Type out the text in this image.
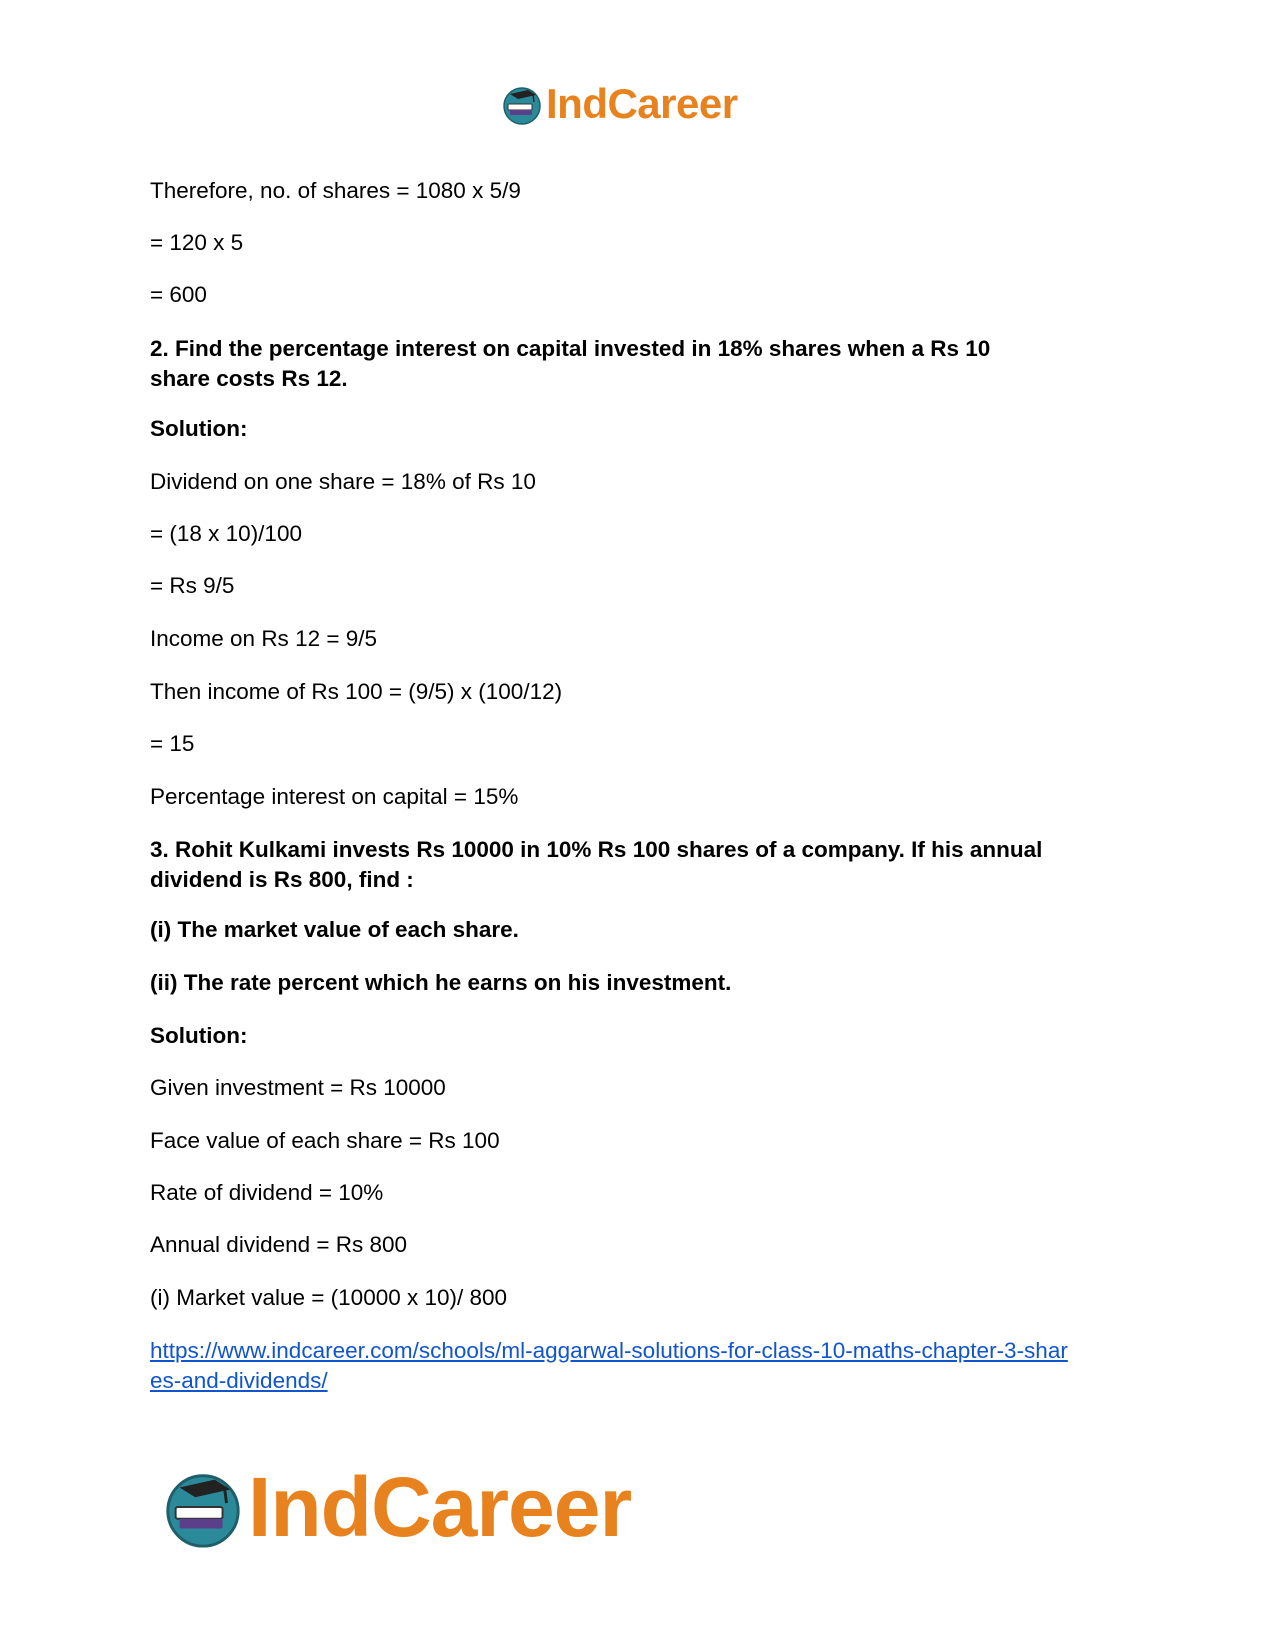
IndCareer

Therefore, no. of shares = 1080 x 5/9

= 120 x 5

= 600

2. Find the percentage interest on capital invested in 18% shares when a Rs 10 share costs Rs 12.

Solution:

Dividend on one share = 18% of Rs 10

= (18 x 10)/100

= Rs 9/5

Income on Rs 12 = 9/5

Then income of Rs 100 = (9/5) x (100/12)

= 15

Percentage interest on capital = 15%

3. Rohit Kulkami invests Rs 10000 in 10% Rs 100 shares of a company. If his annual dividend is Rs 800, find :

(i) The market value of each share.

(ii) The rate percent which he earns on his investment.

Solution:

Given investment = Rs 10000

Face value of each share = Rs 100

Rate of dividend = 10%

Annual dividend = Rs 800

(i) Market value = (10000 x 10)/ 800

https://www.indcareer.com/schools/ml-aggarwal-solutions-for-class-10-maths-chapter-3-shares-and-dividends/
IndCareer
